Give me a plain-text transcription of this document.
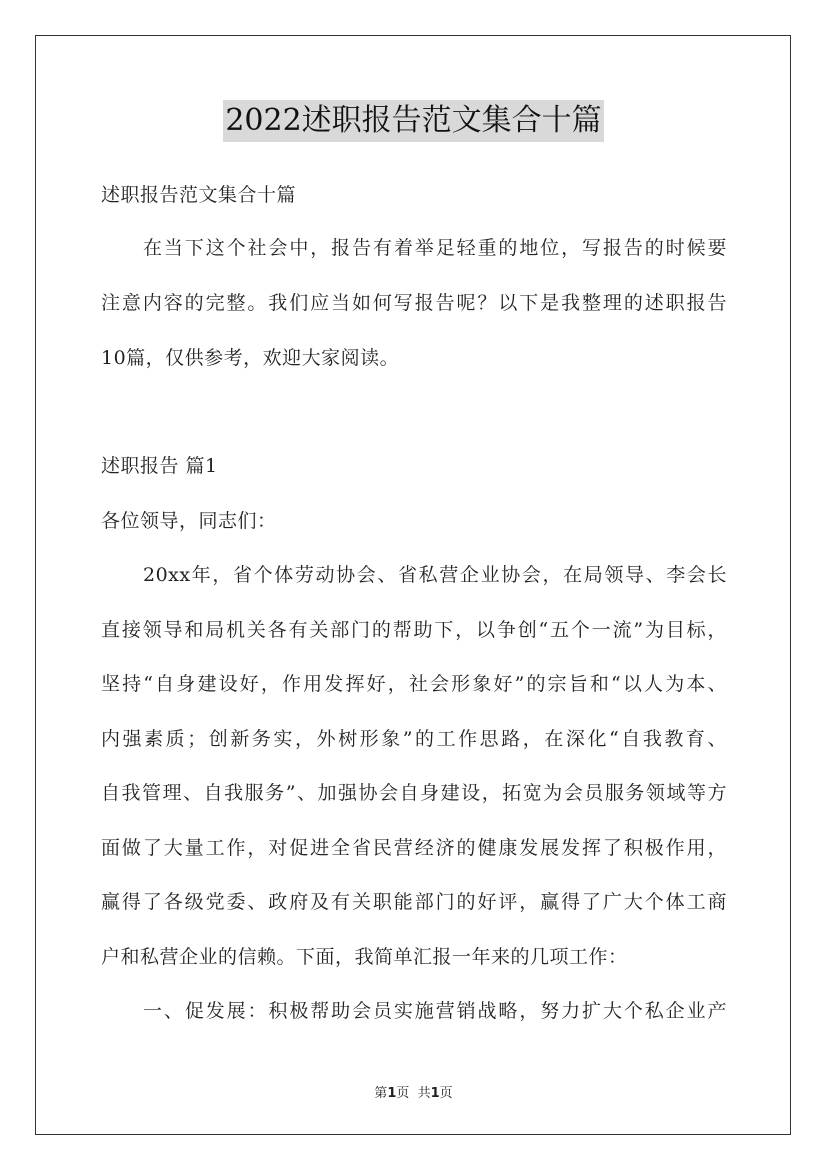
2022述职报告范文集合十篇
述职报告范文集合十篇
在当下这个社会中，报告有着举足轻重的地位，写报告的时候要
注意内容的完整。我们应当如何写报告呢？以下是我整理的述职报告
10篇，仅供参考，欢迎大家阅读。
述职报告 篇1
各位领导，同志们：
20xx年，省个体劳动协会、省私营企业协会，在局领导、李会长
直接领导和局机关各有关部门的帮助下，以争创“五个一流”为目标，
坚持“自身建设好，作用发挥好，社会形象好”的宗旨和“以人为本、
内强素质；创新务实，外树形象”的工作思路，在深化“自我教育、
自我管理、自我服务”、加强协会自身建设，拓宽为会员服务领域等方
面做了大量工作，对促进全省民营经济的健康发展发挥了积极作用，
赢得了各级党委、政府及有关职能部门的好评，赢得了广大个体工商
户和私营企业的信赖。下面，我简单汇报一年来的几项工作：
一、促发展：积极帮助会员实施营销战略，努力扩大个私企业产
第1页  共1页
